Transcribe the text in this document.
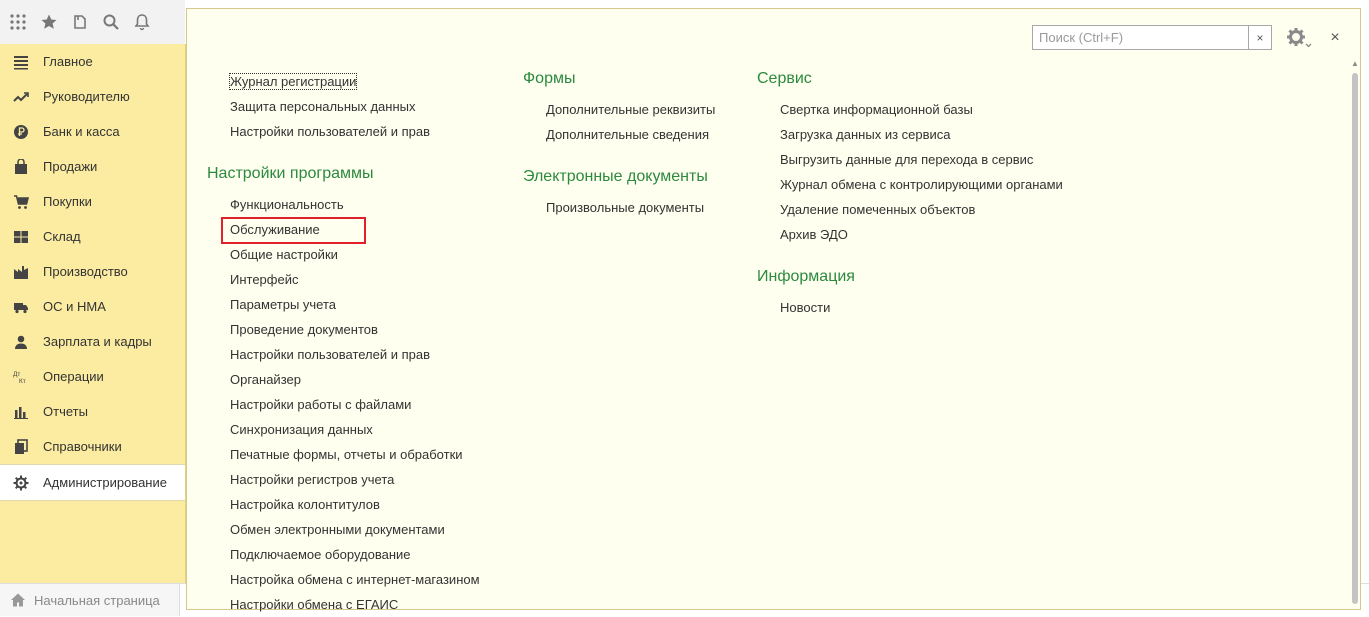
Главное
Руководителю
Банк и касса
Продажи
Покупки
Склад
Производство
ОС и НМА
Зарплата и кадры
Дт
Кт Операции
Отчеты
Справочники
Администрирование
Начальная страница
Поиск (Ctrl+F)
×	×
▲
Журнал регистрации
Защита персональных данных
Настройки пользователей и прав
Настройки программы
Функциональность
Обслуживание
Общие настройки
Интерфейс
Параметры учета
Проведение документов
Настройки пользователей и прав
Органайзер
Настройки работы с файлами
Синхронизация данных
Печатные формы, отчеты и обработки
Настройки регистров учета
Настройка колонтитулов
Обмен электронными документами
Подключаемое оборудование
Настройка обмена с интернет-магазином
Настройки обмена с ЕГАИС
Формы
Дополнительные реквизиты
Дополнительные сведения
Электронные документы
Произвольные документы
Сервис
Свертка информационной базы
Загрузка данных из сервиса
Выгрузить данные для перехода в сервис
Журнал обмена с контролирующими органами
Удаление помеченных объектов
Архив ЭДО
Информация
Новости
